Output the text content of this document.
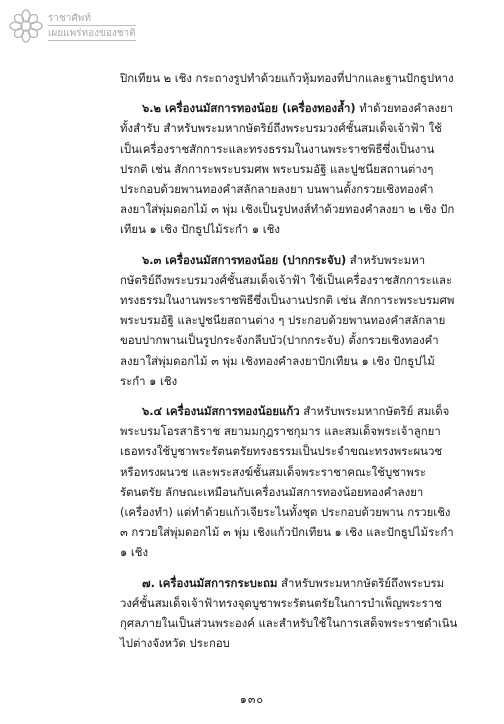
ราชาศัพท์
เผยแพร่ทองของชาติ

ปิกเทียน ๒ เชิง กระถางรูปทำด้วยแก้วหุ้มทองที่ปากและฐานปักธูปหาง

๖.๒ เครื่องนมัสการทองน้อย (เครื่องทองล้ำ) ทำด้วยทองคำลงยาทั้งสำรับ สำหรับพระมหากษัตริย์ถึงพระบรมวงศ์ชั้นสมเด็จเจ้าฟ้า ใช้เป็นเครื่องราชสักการะและทรงธรรมในงานพระราชพิธีซึ่งเป็นงานปรกติ เช่น สักการะพระบรมศพ พระบรมอัฐิ และปูชนียสถานต่างๆ ประกอบด้วยพานทองคำสลักลายลงยา บนพานตั้งกรวยเชิงทองคำลงยาใส่พุ่มดอกไม้ ๓ พุ่ม เชิงเป็นรูปหงส์ทำด้วยทองคำลงยา ๒ เชิง ปักเทียน ๑ เชิง ปักธูปไม้ระกำ ๑ เชิง

๖.๓ เครื่องนมัสการทองน้อย (ปากกระจับ) สำหรับพระมหากษัตริย์ถึงพระบรมวงศ์ชั้นสมเด็จเจ้าฟ้า ใช้เป็นเครื่องราชสักการะและทรงธรรมในงานพระราชพิธีซึ่งเป็นงานปรกติ เช่น สักการะพระบรมศพ พระบรมอัฐิ และปูชนียสถานต่าง ๆ ประกอบด้วยพานทองคำสลักลาย ขอบปากพานเป็นรูปกระจังกลีบบัว(ปากกระจับ) ตั้งกรวยเชิงทองคำลงยาใส่พุ่มดอกไม้ ๓ พุ่ม เชิงทองคำลงยาปักเทียน ๑ เชิง ปักธูปไม้ระกำ ๑ เชิง

๖.๔ เครื่องนมัสการทองน้อยแก้ว สำหรับพระมหากษัตริย์ สมเด็จพระบรมโอรสาธิราช สยามมกุฎราชกุมาร และสมเด็จพระเจ้าลูกยาเธอทรงใช้บูชาพระรัตนตรัยทรงธรรมเป็นประจำขณะทรงพระผนวชหรือทรงผนวช และพระสงฆ์ชั้นสมเด็จพระราชาคณะใช้บูชาพระรัตนตรัย ลักษณะเหมือนกับเครื่องนมัสการทองน้อยทองคำลงยา (เครื่องทำ) แต่ทำด้วยแก้วเจียระไนทั้งชุด ประกอบด้วยพาน กรวยเชิง ๓ กรวยใส่พุ่มดอกไม้ ๓ พุ่ม เชิงแก้วปักเทียน ๑ เชิง และปักธูปไม้ระกำ ๑ เชิง

๗. เครื่องนมัสการกระบะถม สำหรับพระมหากษัตริย์ถึงพระบรมวงศ์ชั้นสมเด็จเจ้าฟ้าทรงจุดบูชาพระรัตนตรัยในการบำเพ็ญพระราชกุศลภายในเป็นส่วนพระองค์ และสำหรับใช้ในการเสด็จพระราชดำเนินไปต่างจังหวัด ประกอบ

๑๓๐
